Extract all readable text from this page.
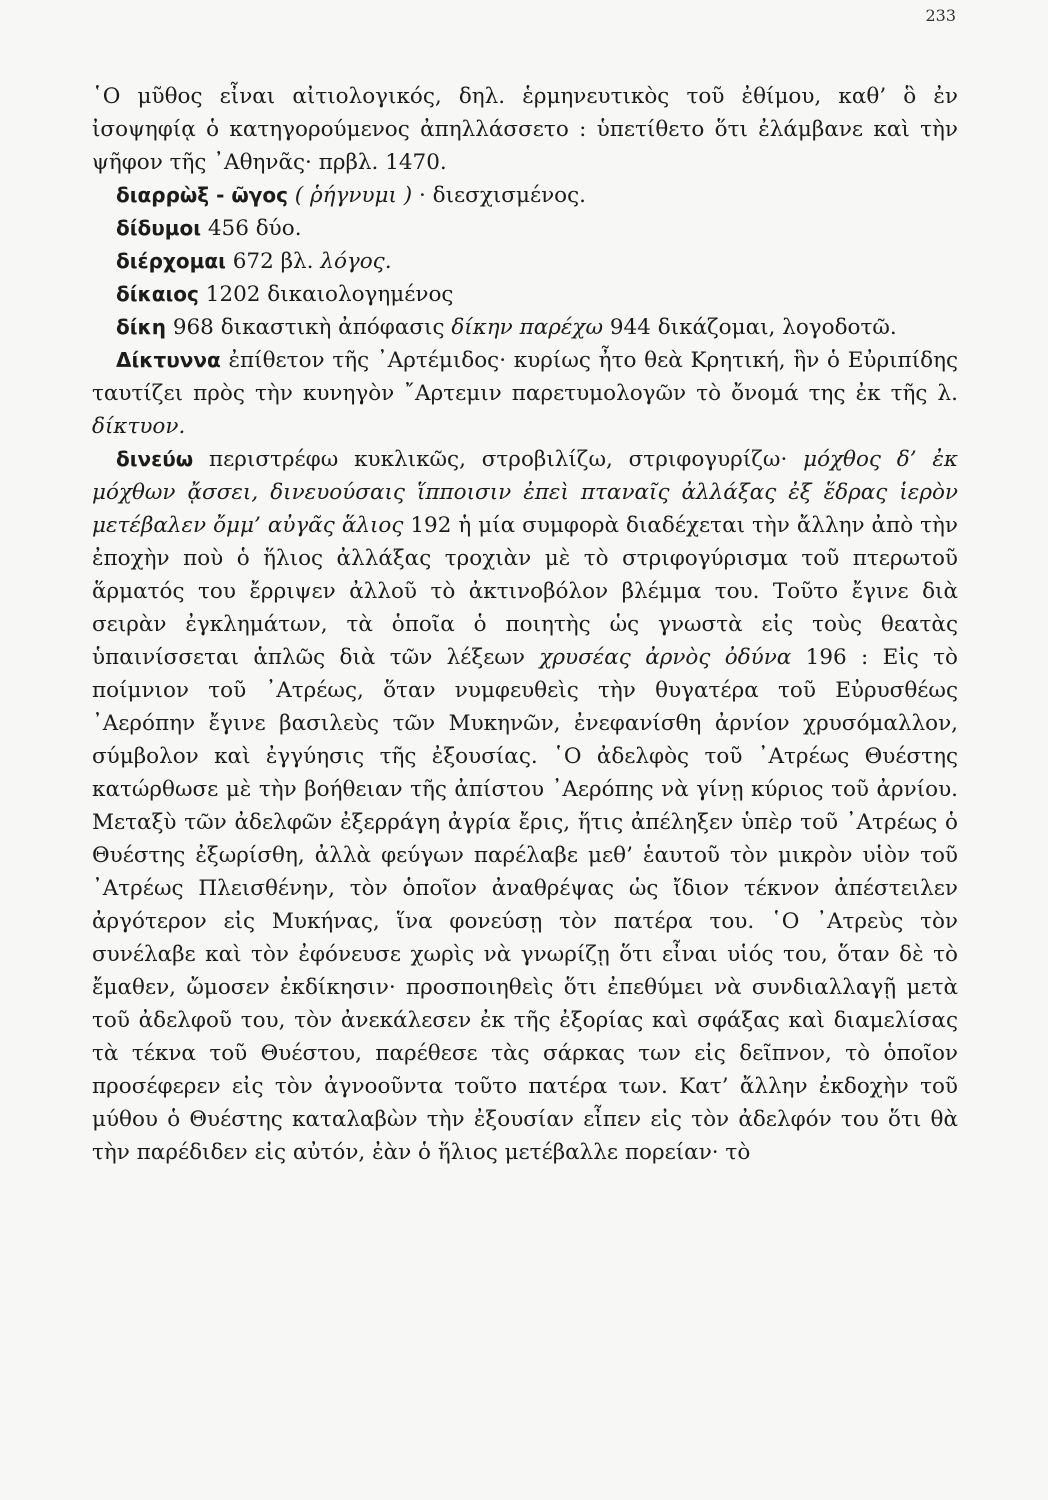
233

῾Ο μῦθος εἶναι αἰτιολογικός, δηλ. ἑρμηνευτικὸς τοῦ ἐθίμου, καθ’ ὃ ἐν ἰσοψηφίᾳ ὁ κατηγορούμενος ἀπηλλάσσετο : ὑπετίθετο ὅτι ἐλάμβανε καὶ τὴν ψῆφον τῆς ᾿Αθηνᾶς· πρβλ. 1470.

διαρρὼξ - ῶγος ( ῥήγνυμι ) · διεσχισμένος.

δίδυμοι 456 δύο.

διέρχομαι 672 βλ. λόγος.

δίκαιος 1202 δικαιολογημένος

δίκη 968 δικαστικὴ ἀπόφασις δίκην παρέχω 944 δικάζομαι, λογοδοτῶ.

Δίκτυννα ἐπίθετον τῆς ᾿Αρτέμιδος· κυρίως ἦτο θεὰ Κρητική, ἣν ὁ Εὐριπίδης ταυτίζει πρὸς τὴν κυνηγὸν ῎Αρτεμιν παρετυμολογῶν τὸ ὄνομά της ἐκ τῆς λ. δίκτυον.

δινεύω περιστρέφω κυκλικῶς, στροβιλίζω, στριφογυρίζω· μόχθος δ’ ἐκ μόχθων ᾄσσει, δινευούσαις ἵπποισιν ἐπεὶ πταναῖς ἀλλάξας ἐξ ἕδρας ἱερὸν μετέβαλεν ὄμμ’ αὐγᾶς ἅλιος 192 ἡ μία συμφορὰ διαδέχεται τὴν ἄλλην ἀπὸ τὴν ἐποχὴν ποὺ ὁ ἥλιος ἀλλάξας τροχιὰν μὲ τὸ στριφογύρισμα τοῦ πτερωτοῦ ἅρματός του ἔρριψεν ἀλλοῦ τὸ ἀκτινοβόλον βλέμμα του. Τοῦτο ἔγινε διὰ σειρὰν ἐγκλημάτων, τὰ ὁποῖα ὁ ποιητὴς ὡς γνωστὰ εἰς τοὺς θεατὰς ὑπαινίσσεται ἁπλῶς διὰ τῶν λέξεων χρυσέας ἀρνὸς ὀδύνα 196 : Εἰς τὸ ποίμνιον τοῦ ᾿Ατρέως, ὅταν νυμφευθεὶς τὴν θυγατέρα τοῦ Εὐρυσθέως ᾿Αερόπην ἔγινε βασιλεὺς τῶν Μυκηνῶν, ἐνεφανίσθη ἀρνίον χρυσόμαλλον, σύμβολον καὶ ἐγγύησις τῆς ἐξουσίας. ῾Ο ἀδελφὸς τοῦ ᾿Ατρέως Θυέστης κατώρθωσε μὲ τὴν βοήθειαν τῆς ἀπίστου ᾿Αερόπης νὰ γίνῃ κύριος τοῦ ἀρνίου. Μεταξὺ τῶν ἀδελφῶν ἐξερράγη ἀγρία ἔρις, ἥτις ἀπέληξεν ὑπὲρ τοῦ ᾿Ατρέως ὁ Θυέστης ἐξωρίσθη, ἀλλὰ φεύγων παρέλαβε μεθ’ ἑαυτοῦ τὸν μικρὸν υἱὸν τοῦ ᾿Ατρέως Πλεισθένην, τὸν ὁποῖον ἀναθρέψας ὡς ἴδιον τέκνον ἀπέστειλεν ἀργότερον εἰς Μυκήνας, ἵνα φονεύσῃ τὸν πατέρα του. ῾Ο ᾿Ατρεὺς τὸν συνέλαβε καὶ τὸν ἐφόνευσε χωρὶς νὰ γνωρίζῃ ὅτι εἶναι υἱός του, ὅταν δὲ τὸ ἔμαθεν, ὤμοσεν ἐκδίκησιν· προσποιηθεὶς ὅτι ἐπεθύμει νὰ συνδιαλλαγῇ μετὰ τοῦ ἀδελφοῦ του, τὸν ἀνεκάλεσεν ἐκ τῆς ἐξορίας καὶ σφάξας καὶ διαμελίσας τὰ τέκνα τοῦ Θυέστου, παρέθεσε τὰς σάρκας των εἰς δεῖπνον, τὸ ὁποῖον προσέφερεν εἰς τὸν ἀγνοοῦντα τοῦτο πατέρα των. Κατ’ ἄλλην ἐκδοχὴν τοῦ μύθου ὁ Θυέστης καταλαβὼν τὴν ἐξουσίαν εἶπεν εἰς τὸν ἀδελφόν του ὅτι θὰ τὴν παρέδιδεν εἰς αὐτόν, ἐὰν ὁ ἥλιος μετέβαλλε πορείαν· τὸ
